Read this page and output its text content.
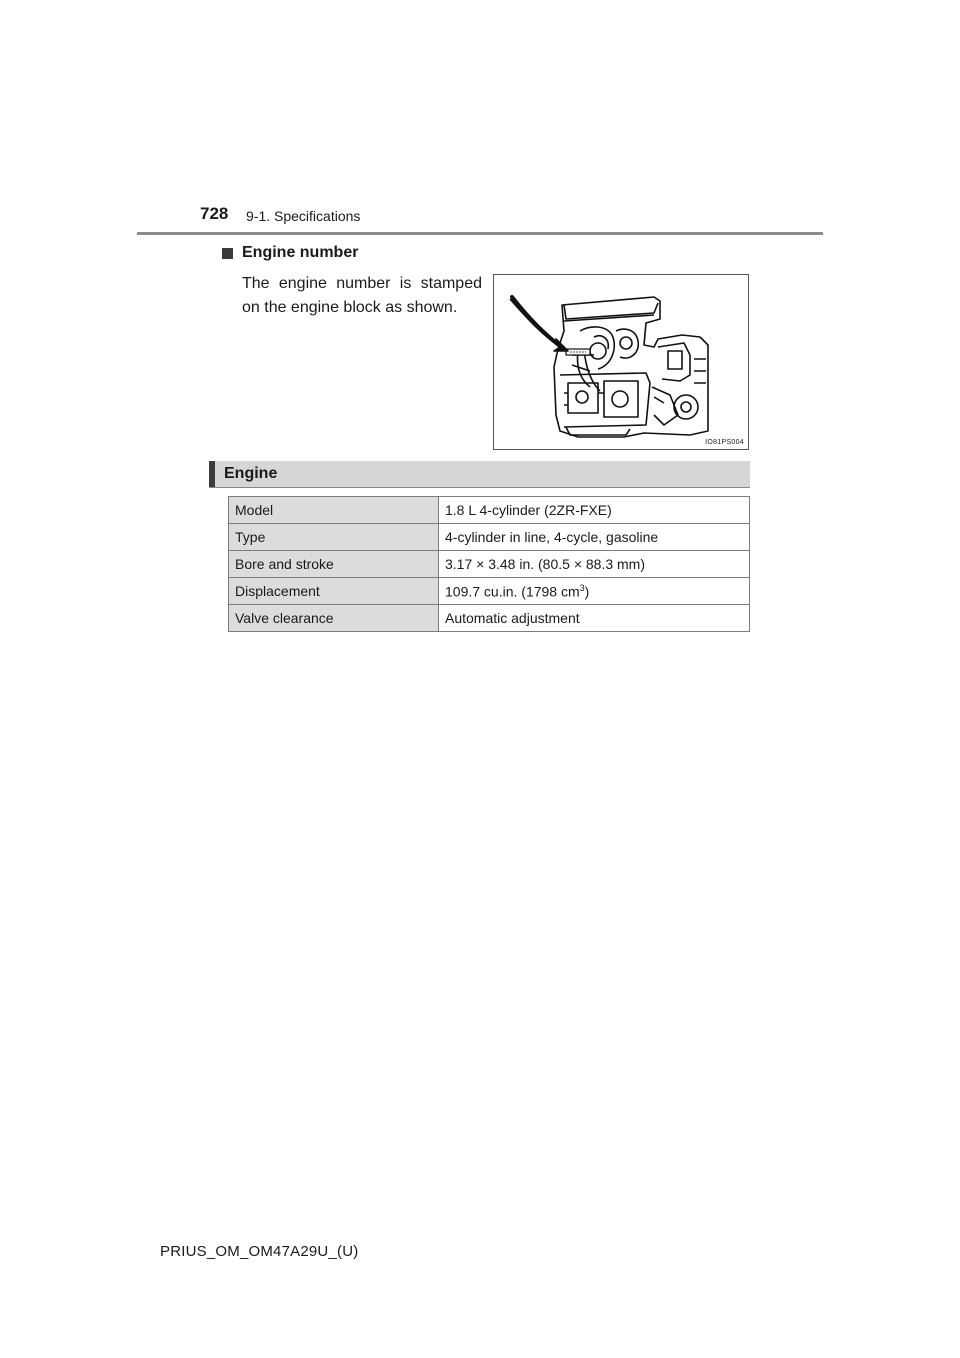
728 9-1. Specifications
Engine number
The engine number is stamped on the engine block as shown.
IO81PS004
Engine
Model	1.8 L 4-cylinder (2ZR-FXE)
Type	4-cylinder in line, 4-cycle, gasoline
Bore and stroke	3.17 × 3.48 in. (80.5 × 88.3 mm)
Displacement	109.7 cu.in. (1798 $cm^3$)
Valve clearance	Automatic adjustment
PRIUS_OM_OM47A29U_(U)
